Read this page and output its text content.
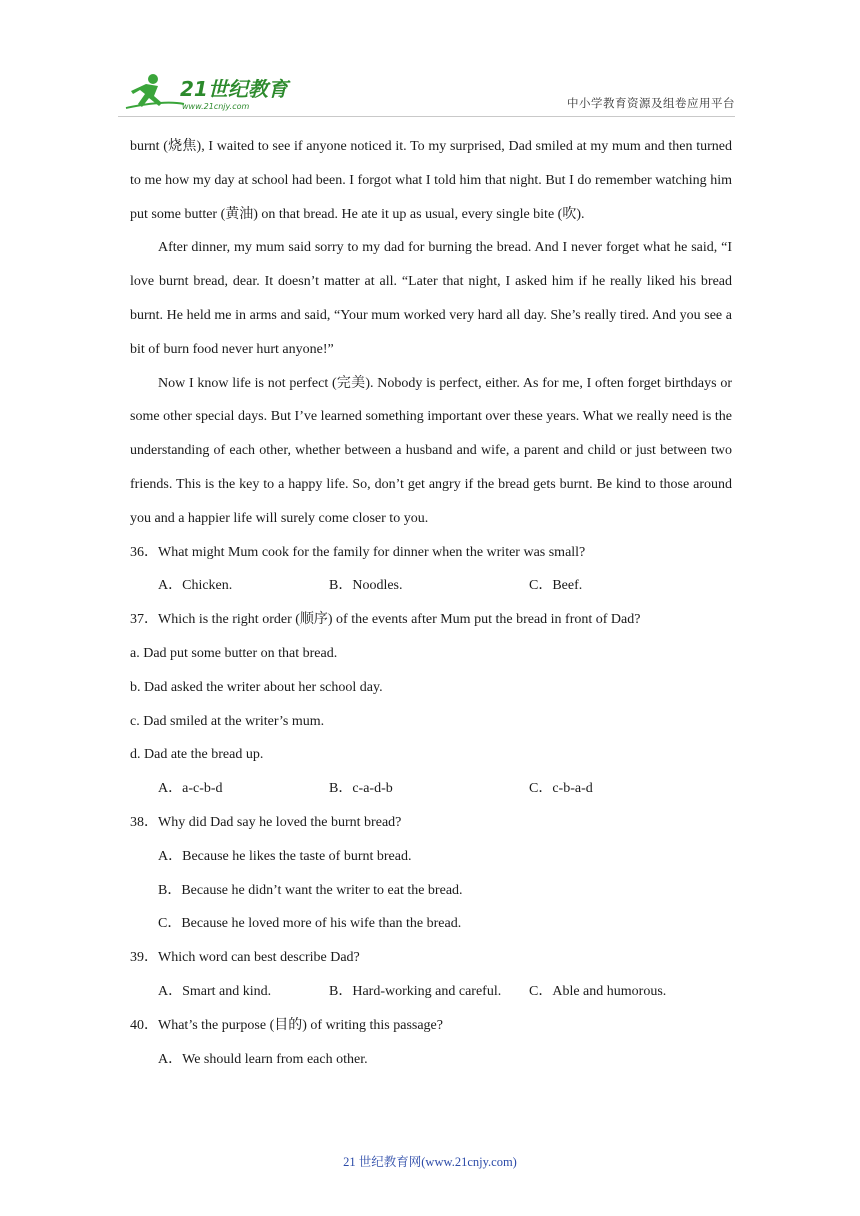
21世纪教育
www.21cnjy.com	中小学教育资源及组卷应用平台

burnt (烧焦), I waited to see if anyone noticed it. To my surprised, Dad smiled at my mum and then turned to me how my day at school had been. I forgot what I told him that night. But I do remember watching him put some butter (黄油) on that bread. He ate it up as usual, every single bite (吹).

After dinner, my mum said sorry to my dad for burning the bread. And I never forget what he said, “I love burnt bread, dear. It doesn’t matter at all. “Later that night, I asked him if he really liked his bread burnt. He held me in arms and said, “Your mum worked very hard all day. She’s really tired. And you see a bit of burn food never hurt anyone!”

Now I know life is not perfect (完美). Nobody is perfect, either. As for me, I often forget birthdays or some other special days. But I’ve learned something important over these years. What we really need is the understanding of each other, whether between a husband and wife, a parent and child or just between two friends. This is the key to a happy life. So, don’t get angry if the bread gets burnt. Be kind to those around you and a happier life will surely come closer to you.

36．What might Mum cook for the family for dinner when the writer was small?
A．Chicken.	B．Noodles.	C．Beef.
37．Which is the right order (顺序) of the events after Mum put the bread in front of Dad?
a. Dad put some butter on that bread.
b. Dad asked the writer about her school day.
c. Dad smiled at the writer’s mum.
d. Dad ate the bread up.
A．a-c-b-d	B．c-a-d-b	C．c-b-a-d
38．Why did Dad say he loved the burnt bread?
A．Because he likes the taste of burnt bread.
B．Because he didn’t want the writer to eat the bread.
C．Because he loved more of his wife than the bread.
39．Which word can best describe Dad?
A．Smart and kind.	B．Hard-working and careful.	C．Able and humorous.
40．What’s the purpose (目的) of writing this passage?
A．We should learn from each other.
21 世纪教育网(www.21cnjy.com)
